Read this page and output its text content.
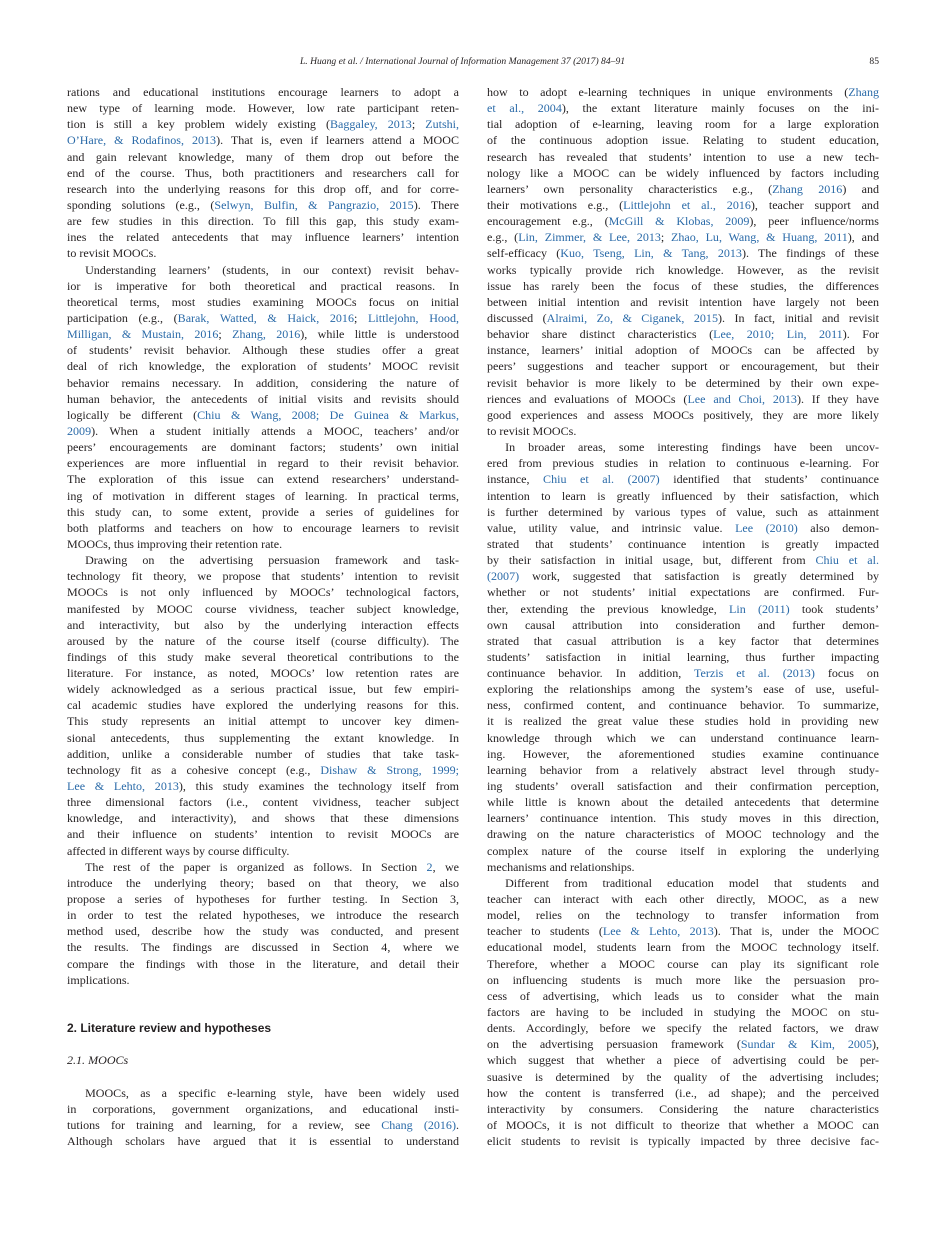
L. Huang et al. / International Journal of Information Management 37 (2017) 84–91	85
rations and educational institutions encourage learners to adopt a
new type of learning mode. However, low rate participant reten-
tion is still a key problem widely existing (Baggaley, 2013; Zutshi,
O’Hare, & Rodafinos, 2013). That is, even if learners attend a MOOC
and gain relevant knowledge, many of them drop out before the
end of the course. Thus, both practitioners and researchers call for
research into the underlying reasons for this drop off, and for corre-
sponding solutions (e.g., (Selwyn, Bulfin, & Pangrazio, 2015). There
are few studies in this direction. To fill this gap, this study exam-
ines the related antecedents that may influence learners’ intention
to revisit MOOCs.
  Understanding learners’ (students, in our context) revisit behav-
ior is imperative for both theoretical and practical reasons. In
theoretical terms, most studies examining MOOCs focus on initial
participation (e.g., (Barak, Watted, & Haick, 2016; Littlejohn, Hood,
Milligan, & Mustain, 2016; Zhang, 2016), while little is understood
of students’ revisit behavior. Although these studies offer a great
deal of rich knowledge, the exploration of students’ MOOC revisit
behavior remains necessary. In addition, considering the nature of
human behavior, the antecedents of initial visits and revisits should
logically be different (Chiu & Wang, 2008; De Guinea & Markus,
2009). When a student initially attends a MOOC, teachers’ and/or
peers’ encouragements are dominant factors; students’ own initial
experiences are more influential in regard to their revisit behavior.
The exploration of this issue can extend researchers’ understand-
ing of motivation in different stages of learning. In practical terms,
this study can, to some extent, provide a series of guidelines for
both platforms and teachers on how to encourage learners to revisit
MOOCs, thus improving their retention rate.
  Drawing on the advertising persuasion framework and task-
technology fit theory, we propose that students’ intention to revisit
MOOCs is not only influenced by MOOCs’ technological factors,
manifested by MOOC course vividness, teacher subject knowledge,
and interactivity, but also by the underlying interaction effects
aroused by the nature of the course itself (course difficulty). The
findings of this study make several theoretical contributions to the
literature. For instance, as noted, MOOCs’ low retention rates are
widely acknowledged as a serious practical issue, but few empiri-
cal academic studies have explored the underlying reasons for this.
This study represents an initial attempt to uncover key dimen-
sional antecedents, thus supplementing the extant knowledge. In
addition, unlike a considerable number of studies that take task-
technology fit as a cohesive concept (e.g., Dishaw & Strong, 1999;
Lee & Lehto, 2013), this study examines the technology itself from
three dimensional factors (i.e., content vividness, teacher subject
knowledge, and interactivity), and shows that these dimensions
and their influence on students’ intention to revisit MOOCs are
affected in different ways by course difficulty.
  The rest of the paper is organized as follows. In Section 2, we
introduce the underlying theory; based on that theory, we also
propose a series of hypotheses for further testing. In Section 3,
in order to test the related hypotheses, we introduce the research
method used, describe how the study was conducted, and present
the results. The findings are discussed in Section 4, where we
compare the findings with those in the literature, and detail their
implications.
2. Literature review and hypotheses
2.1. MOOCs
  MOOCs, as a specific e-learning style, have been widely used
in corporations, government organizations, and educational insti-
tutions for training and learning, for a review, see Chang (2016).
Although scholars have argued that it is essential to understand
how to adopt e-learning techniques in unique environments (Zhang
et al., 2004), the extant literature mainly focuses on the ini-
tial adoption of e-learning, leaving room for a large exploration
of the continuous adoption issue. Relating to student education,
research has revealed that students’ intention to use a new tech-
nology like a MOOC can be widely influenced by factors including
learners’ own personality characteristics e.g., (Zhang 2016) and
their motivations e.g., (Littlejohn et al., 2016), teacher support and
encouragement e.g., (McGill & Klobas, 2009), peer influence/norms
e.g., (Lin, Zimmer, & Lee, 2013; Zhao, Lu, Wang, & Huang, 2011), and
self-efficacy (Kuo, Tseng, Lin, & Tang, 2013). The findings of these
works typically provide rich knowledge. However, as the revisit
issue has rarely been the focus of these studies, the differences
between initial intention and revisit intention have largely not been
discussed (Alraimi, Zo, & Ciganek, 2015). In fact, initial and revisit
behavior share distinct characteristics (Lee, 2010; Lin, 2011). For
instance, learners’ initial adoption of MOOCs can be affected by
peers’ suggestions and teacher support or encouragement, but their
revisit behavior is more likely to be determined by their own expe-
riences and evaluations of MOOCs (Lee and Choi, 2013). If they have
good experiences and assess MOOCs positively, they are more likely
to revisit MOOCs.
  In broader areas, some interesting findings have been uncov-
ered from previous studies in relation to continuous e-learning. For
instance, Chiu et al. (2007) identified that students’ continuance
intention to learn is greatly influenced by their satisfaction, which
is further determined by various types of value, such as attainment
value, utility value, and intrinsic value. Lee (2010) also demon-
strated that students’ continuance intention is greatly impacted
by their satisfaction in initial usage, but, different from Chiu et al.
(2007) work, suggested that satisfaction is greatly determined by
whether or not students’ initial expectations are confirmed. Fur-
ther, extending the previous knowledge, Lin (2011) took students’
own causal attribution into consideration and further demon-
strated that casual attribution is a key factor that determines
students’ satisfaction in initial learning, thus further impacting
continuance behavior. In addition, Terzis et al. (2013) focus on
exploring the relationships among the system’s ease of use, useful-
ness, confirmed content, and continuance behavior. To summarize,
it is realized the great value these studies hold in providing new
knowledge through which we can understand continuance learn-
ing. However, the aforementioned studies examine continuance
learning behavior from a relatively abstract level through study-
ing students’ overall satisfaction and their confirmation perception,
while little is known about the detailed antecedents that determine
learners’ continuance intention. This study moves in this direction,
drawing on the nature characteristics of MOOC technology and the
complex nature of the course itself in exploring the underlying
mechanisms and relationships.
  Different from traditional education model that students and
teacher can interact with each other directly, MOOC, as a new
model, relies on the technology to transfer information from
teacher to students (Lee & Lehto, 2013). That is, under the MOOC
educational model, students learn from the MOOC technology itself.
Therefore, whether a MOOC course can play its significant role
on influencing students is much more like the persuasion pro-
cess of advertising, which leads us to consider what the main
factors are having to be included in studying the MOOC on stu-
dents. Accordingly, before we specify the related factors, we draw
on the advertising persuasion framework (Sundar & Kim, 2005),
which suggest that whether a piece of advertising could be per-
suasive is determined by the quality of the advertising includes;
how the content is transferred (i.e., ad shape); and the perceived
interactivity by consumers. Considering the nature characteristics
of MOOCs, it is not difficult to theorize that whether a MOOC can
elicit students to revisit is typically impacted by three decisive fac-
